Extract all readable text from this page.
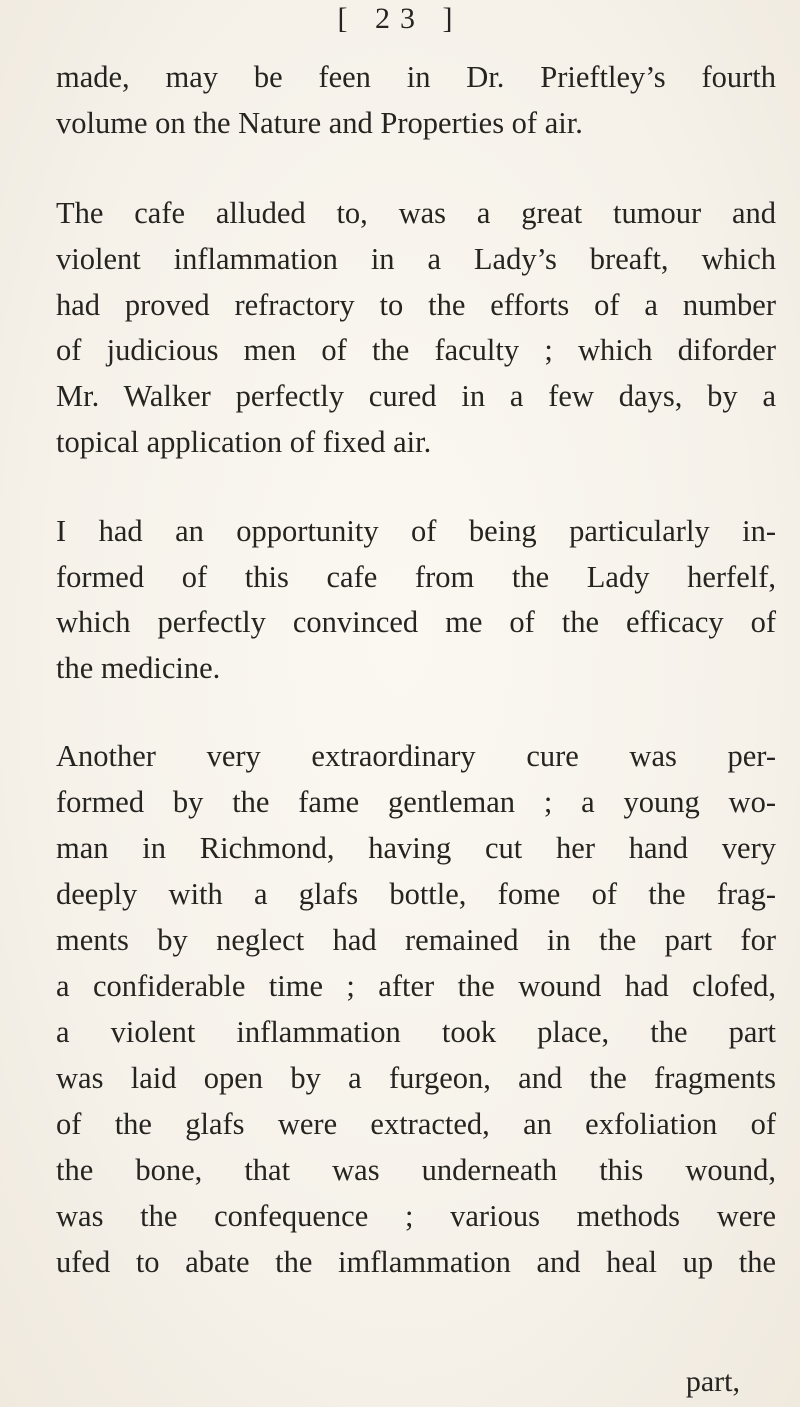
[ 23 ]
made, may be feen in Dr. Prieftley’s fourth
volume on the Nature and Properties of air.
The cafe alluded to, was a great tumour and
violent inflammation in a Lady’s breaft, which
had proved refractory to the efforts of a number
of judicious men of the faculty ; which diforder
Mr. Walker perfectly cured in a few days, by a
topical application of fixed air.
I had an opportunity of being particularly in-
formed of this cafe from the Lady herfelf,
which perfectly convinced me of the efficacy of
the medicine.
Another very extraordinary cure was per-
formed by the fame gentleman ; a young wo-
man in Richmond, having cut her hand very
deeply with a glafs bottle, fome of the frag-
ments by neglect had remained in the part for
a confiderable time ; after the wound had clofed,
a violent inflammation took place, the part
was laid open by a furgeon, and the fragments
of the glafs were extracted, an exfoliation of
the bone, that was underneath this wound,
was the confequence ; various methods were
ufed to abate the imflammation and heal up the
part,
